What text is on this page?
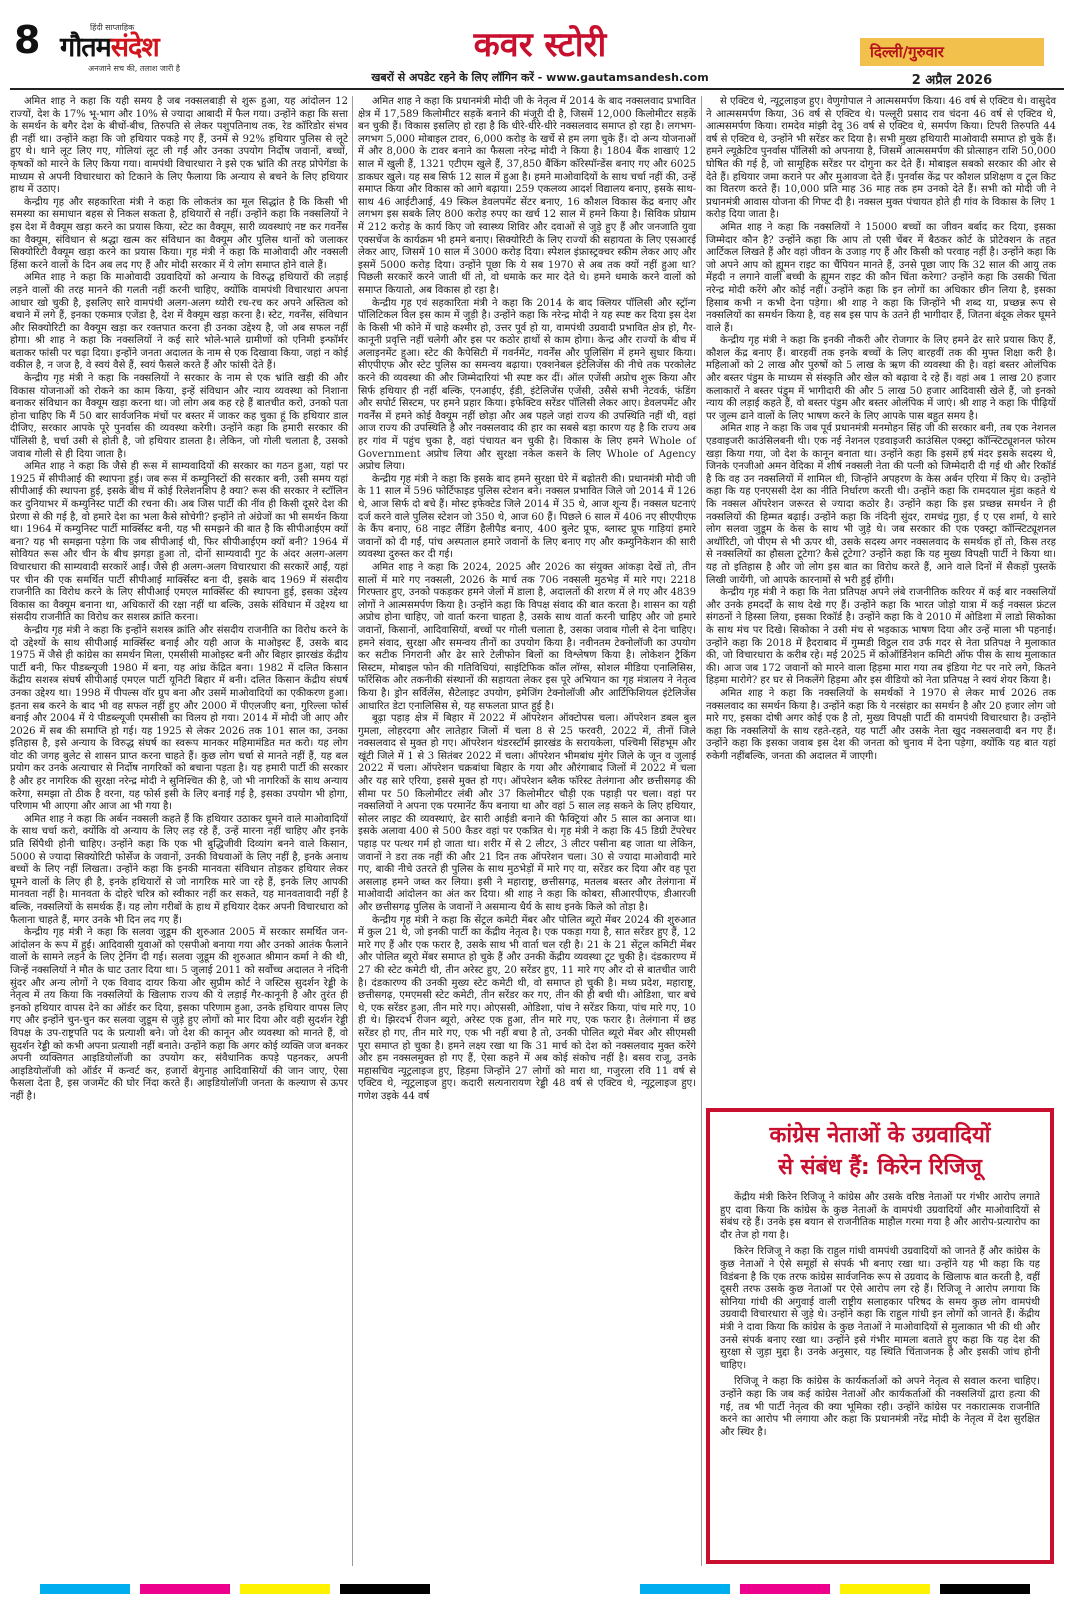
8	हिंदी साप्ताहिक
गौतमसंदेश
अनजाने सच की, तलाश जारी है
कवर स्टोरी
खबरों से अपडेट रहने के लिए लॉगिन करें - www.gautamsandesh.com
दिल्ली/गुरुवार
2 अप्रैल 2026

अमित शाह ने कहा कि यही समय है जब नक्सलबाड़ी से शुरू हुआ, यह आंदोलन 12 राज्यों, देश के 17% भू-भाग और 10% से ज्यादा आबादी में फैल गया। उन्होंने कहा कि सत्ता के समर्थन के बगैर देश के बीचों-बीच, तिरुपति से लेकर पशुपतिनाथ तक, रेड कॉरिडोर संभव ही नहीं था। उन्होंने कहा कि जो हथियार पकड़े गए हैं, उनमें से 92% हथियार पुलिस से लूटे हुए थे। थाने लूट लिए गए, गोलियां लूट ली गईं और उनका उपयोग निर्दोष जवानों, बच्चों, कृषकों को मारने के लिए किया गया। वामपंथी विचारधारा ने इसे एक भ्रांति की तरह प्रोपेगेंडा के माध्यम से अपनी विचारधारा को टिकाने के लिए फैलाया कि अन्याय से बचने के लिए हथियार हाथ में उठाए।

केन्द्रीय गृह और सहकारिता मंत्री ने कहा कि लोकतंत्र का मूल सिद्धांत है कि किसी भी समस्या का समाधान बहस से निकल सकता है, हथियारों से नहीं। उन्होंने कहा कि नक्सलियों ने इस देश में वैक्यूम खड़ा करने का प्रयास किया, स्टेट का वैक्यूम, सारी व्यवस्थाएं नष्ट कर गवर्नेंस का वैक्यूम, संविधान से श्रद्धा खत्म कर संविधान का वैक्यूम और पुलिस थानों को जलाकर सिक्योरिटी वैक्यूम खड़ा करने का प्रयास किया। गृह मंत्री ने कहा कि माओवादी और नक्सली हिंसा करने वालों के दिन अब लद गए हैं और मोदी सरकार में ये लोग समाप्त होने वाले हैं।

अमित शाह ने कहा कि माओवादी उग्रवादियों को अन्याय के विरुद्ध हथियारों की लड़ाई लड़ने वालों की तरह मानने की गलती नहीं करनी चाहिए, क्योंकि वामपंथी विचारधारा अपना आधार खो चुकी है, इसलिए सारे वामपंथी अलग-अलग थ्योरी रच-रच कर अपने अस्तित्व को बचाने में लगे हैं, इनका एकमात्र एजेंडा है, देश में वैक्यूम खड़ा करना है। स्टेट, गवर्नेंस, संविधान और सिक्योरिटी का वैक्यूम खड़ा कर रक्तपात करना ही उनका उद्देश्य है, जो अब सफल नहीं होगा। श्री शाह ने कहा कि नक्सलियों ने कई सारे भोले-भाले ग्रामीणों को एनिमी इन्फॉर्मर बताकर फांसी पर चढ़ा दिया। इन्होंने जनता अदालत के नाम से एक दिखावा किया, जहां न कोई वकील है, न जज है, वे स्वयं वैसे हैं, स्वयं फैसले करते हैं और फांसी देते हैं।

केन्द्रीय गृह मंत्री ने कहा कि नक्सलियों ने सरकार के नाम से एक भ्रांति खड़ी की और विकास योजनाओं को रोकने का काम किया, इन्हें संविधान और न्याय व्यवस्था को निशाना बनाकर संविधान का वैक्यूम खड़ा करना था। जो लोग अब कह रहे हैं बातचीत करो, उनको पता होना चाहिए कि मैं 50 बार सार्वजनिक मंचों पर बस्तर में जाकर कह चुका हूं कि हथियार डाल दीजिए, सरकार आपके पूरे पुनर्वास की व्यवस्था करेगी। उन्होंने कहा कि हमारी सरकार की पॉलिसी है, चर्चा उसी से होती है, जो हथियार डालता है। लेकिन, जो गोली चलाता है, उसको जवाब गोली से ही दिया जाता है।

अमित शाह ने कहा कि जैसे ही रूस में साम्यवादियों की सरकार का गठन हुआ, यहां पर 1925 में सीपीआई की स्थापना हुई। जब रूस में कम्युनिस्टों की सरकार बनी, उसी समय यहां सीपीआई की स्थापना हुई, इसके बीच में कोई रिलेशनशिप है क्या? रूस की सरकार ने स्टॉलिन कर दुनियाभर में कम्युनिस्ट पार्टी की रचना की। अब जिस पार्टी की नींव ही किसी दूसरे देश की प्रेरणा से की गई है, वो हमारे देश का भला कैसे सोचेगी? इन्होंने तो अंग्रेजों का भी समर्थन किया था। 1964 में कम्युनिस्ट पार्टी मार्क्सिस्ट बनी, यह भी समझने की बात है कि सीपीआईएम क्यों बना? यह भी समझना पड़ेगा कि जब सीपीआई थी, फिर सीपीआईएम क्यों बनी? 1964 में सोवियत रूस और चीन के बीच झगड़ा हुआ तो, दोनों साम्यवादी गुट के अंदर अलग-अलग विचारधारा की साम्यवादी सरकारें आईं। जैसे ही अलग-अलग विचारधारा की सरकारें आईं, यहां पर चीन की एक समर्थित पार्टी सीपीआई मार्क्सिस्ट बना दी, इसके बाद 1969 में संसदीय राजनीति का विरोध करने के लिए सीपीआई एमएल मार्क्सिस्ट की स्थापना हुई, इसका उद्देश्य विकास का वैक्यूम बनाना था, अधिकारों की रक्षा नहीं था बल्कि, उसके संविधान में उद्देश्य था संसदीय राजनीति का विरोध कर सशस्त्र क्रांति करना।

केन्द्रीय गृह मंत्री ने कहा कि इन्होंने सशस्त्र क्रांति और संसदीय राजनीति का विरोध करने के दो उद्देश्यों के साथ सीपीआई मार्क्सिस्ट बनाई और यही आज के माओइस्ट हैं, उसके बाद 1975 में जैसे ही कांग्रेस का समर्थन मिला, एमसीसी माओइस्ट बनी और बिहार झारखंड केंद्रीय पार्टी बनी, फिर पीडब्ल्यूजी 1980 में बना, यह आंध्र केंद्रित बना। 1982 में दलित किसान केंद्रीय सशस्त्र संघर्ष सीपीआई एमएल पार्टी यूनिटी बिहार में बनी। दलित किसान केंद्रीय संघर्ष उनका उद्देश्य था। 1998 में पीपल्स वॉर ग्रुप बना और उसमें माओवादियों का एकीकरण हुआ। इतना सब करने के बाद भी वह सफल नहीं हुए और 2000 में पीएलजीए बना, गुरिल्ला फोर्स बनाई और 2004 में ये पीडब्ल्यूजी एमसीसी का विलय हो गया। 2014 में मोदी जी आए और 2026 में सब की समाप्ति हो गई। यह 1925 से लेकर 2026 तक 101 साल का, उनका इतिहास है, इसे अन्याय के विरुद्ध संघर्ष का स्वरूप मानकर महिमामंडित मत करो। यह लोग वोट की जगह बुलेट से शासन प्राप्त करना चाहते हैं। कुछ लोग चर्चा से मानते नहीं हैं, यह बल प्रयोग कर उनके अत्याचार से निर्दोष नागरिकों को बचाना पड़ता है। यह हमारी पार्टी की सरकार है और हर नागरिक की सुरक्षा नरेन्द्र मोदी ने सुनिश्चित की है, जो भी नागरिकों के साथ अन्याय करेगा, समझा तो ठीक है वरना, यह फोर्स इसी के लिए बनाई गई है, इसका उपयोग भी होगा, परिणाम भी आएगा और आज आ भी गया है।

अमित शाह ने कहा कि अर्बन नक्सली कहते हैं कि हथियार उठाकर घूमने वाले माओवादियों के साथ चर्चा करो, क्योंकि वो अन्याय के लिए लड़ रहे हैं, उन्हें मारना नहीं चाहिए और इनके प्रति सिंपैथी होनी चाहिए। उन्होंने कहा कि एक भी बुद्धिजीवी दिव्यांग बनने वाले किसान, 5000 से ज्यादा सिक्योरिटी फोर्सेज के जवानों, उनकी विधवाओं के लिए नहीं है, इनके अनाथ बच्चों के लिए नहीं लिखता। उन्होंने कहा कि इनकी मानवता संविधान तोड़कर हथियार लेकर घूमने वालों के लिए ही है, इनके हथियारों से जो नागरिक मारे जा रहे हैं, इनके लिए आपकी मानवता नहीं है। मानवता के दोहरे चरित्र को स्वीकार नहीं कर सकते, यह मानवतावादी नहीं है बल्कि, नक्सलियों के समर्थक हैं। यह लोग गरीबों के हाथ में हथियार देकर अपनी विचारधारा को फैलाना चाहते हैं, मगर उनके भी दिन लद गए हैं।

केन्द्रीय गृह मंत्री ने कहा कि सलवा जुडूम की शुरुआत 2005 में सरकार समर्थित जन-आंदोलन के रूप में हुई। आदिवासी युवाओं को एसपीओ बनाया गया और उनको आतंक फैलाने वालों के सामने लड़ने के लिए ट्रेनिंग दी गई। सलवा जुडूम की शुरुआत श्रीमान कर्मा ने की थी, जिन्हें नक्सलियों ने मौत के घाट उतार दिया था। 5 जुलाई 2011 को सर्वोच्च अदालत ने नंदिनी सुंदर और अन्य लोगों ने एक विवाद दायर किया और सुप्रीम कोर्ट ने जस्टिस सुदर्शन रेड्डी के नेतृत्व में तय किया कि नक्सलियों के खिलाफ राज्य की ये लड़ाई गैर-कानूनी है और तुरंत ही इनको हथियार वापस देने का ऑर्डर कर दिया, इसका परिणाम हुआ, उनके हथियार वापस लिए गए और इन्होंने चुन-चुन कर सलवा जुडूम से जुड़े हुए लोगों को मार दिया और वही सुदर्शन रेड्डी विपक्ष के उप-राष्ट्रपति पद के प्रत्याशी बने। जो देश की कानून और व्यवस्था को मानते हैं, वो सुदर्शन रेड्डी को कभी अपना प्रत्याशी नहीं बनाते। उन्होंने कहा कि अगर कोई व्यक्ति जज बनकर अपनी व्यक्तिगत आइडियोलॉजी का उपयोग कर, संवैधानिक कपड़े पहनकर, अपनी आइडियोलॉजी को ऑर्डर में कन्वर्ट कर, हजारों बेगुनाह आदिवासियों की जान जाए, ऐसा फैसला देता है, इस जजमेंट की घोर निंदा करते हैं। आइडियोलॉजी जनता के कल्याण से ऊपर नहीं है।

अमित शाह ने कहा कि प्रधानमंत्री मोदी जी के नेतृत्व में 2014 के बाद नक्सलवाद प्रभावित क्षेत्र में 17,589 किलोमीटर सड़कें बनाने की मंजूरी दी है, जिसमें 12,000 किलोमीटर सड़कें बन चुकी हैं। विकास इसलिए हो रहा है कि धीरे-धीरे-धीरे नक्सलवाद समाप्त हो रहा है। लगभग-लगभग 5,000 मोबाइल टावर, 6,000 करोड़ के खर्चे से हम लगा चुके हैं। दो अन्य योजनाओं में और 8,000 के टावर बनाने का फैसला नरेन्द्र मोदी ने किया है। 1804 बैंक शाखाएं 12 साल में खुली हैं, 1321 एटीएम खुले हैं, 37,850 बैंकिंग कॉरेस्पॉन्डेंस बनाए गए और 6025 डाकघर खुले। यह सब सिर्फ 12 साल में हुआ है। हमने माओवादियों के साथ चर्चा नहीं की, उन्हें समाप्त किया और विकास को आगे बढ़ाया। 259 एकलव्य आदर्श विद्यालय बनाए, इसके साथ-साथ 46 आईटीआई, 49 स्किल डेवलपमेंट सेंटर बनाए, 16 कौशल विकास केंद्र बनाए और लगभग इस सबके लिए 800 करोड़ रुपए का खर्च 12 साल में हमने किया है। सिविक प्रोग्राम में 212 करोड़ के कार्य किए जो स्वास्थ्य शिविर और दवाओं से जुड़े हुए हैं और जनजाति युवा एक्सचेंज के कार्यक्रम भी हमने बनाए। सिक्योरिटी के लिए राज्यों की सहायता के लिए एसआरई लेकर आए, जिसमें 10 साल में 3000 करोड़ दिया। स्पेशल इंफ्रास्ट्रक्चर स्कीम लेकर आए और इसमें 5000 करोड़ दिया। उन्होंने पूछा कि ये सब 1970 से अब तक क्यों नहीं हुआ था? पिछली सरकारें करने जाती थीं तो, वो धमाके कर मार देते थे। हमने धमाके करने वालों को समाप्त कियातो, अब विकास हो रहा है।

केन्द्रीय गृह एवं सहकारिता मंत्री ने कहा कि 2014 के बाद क्लियर पॉलिसी और स्ट्रॉन्ग पॉलिटिकल विल इस काम में जुड़ी है। उन्होंने कहा कि नरेन्द्र मोदी ने यह स्पष्ट कर दिया इस देश के किसी भी कोने में चाहे कश्मीर हो, उत्तर पूर्व हो या, वामपंथी उग्रवादी प्रभावित क्षेत्र हो, गैर-कानूनी प्रवृत्ति नहीं चलेगी और इस पर कठोर हाथों से काम होगा। केन्द्र और राज्यों के बीच में अलाइनमेंट हुआ। स्टेट की कैपेसिटी में गवर्नमेंट, गवर्नेंस और पुलिसिंग में हमने सुधार किया। सीएपीएफ और स्टेट पुलिस का समन्वय बढ़ाया। एक्शनेबल इंटेलिजेंस की नीचे तक परकोलेट करने की व्यवस्था की और जिम्मेदारियां भी स्पष्ट कर दीं। ऑल एजेंसी अप्रोच शुरू किया और सिर्फ हथियार ही नहीं बल्कि, एनआईए, ईडी, इंटेलिजेंस एजेंसी, उसैसे सभी नेटवर्क, फंडिंग और सपोर्ट सिस्टम, पर हमने प्रहार किया। इफेक्टिव सरेंडर पॉलिसी लेकर आए। डेवलपमेंट और गवर्नेंस में हमने कोई वैक्यूम नहीं छोड़ा और अब पहले जहां राज्य की उपस्थिति नहीं थी, वहां आज राज्य की उपस्थिति है और नक्सलवाद की हार का सबसे बड़ा कारण यह है कि राज्य अब हर गांव में पहुंच चुका है, वहां पंचायत बन चुकी है। विकास के लिए हमने Whole of Government अप्रोच लिया और सुरक्षा नकेल कसने के लिए Whole of Agency अप्रोच लिया।

केन्द्रीय गृह मंत्री ने कहा कि इसके बाद हमने सुरक्षा घेरे में बढ़ोतरी की। प्रधानमंत्री मोदी जी के 11 साल में 596 फोर्टिफाइड पुलिस स्टेशन बने। नक्सल प्रभावित जिले जो 2014 में 126 थे, आज सिर्फ दो बचे हैं। मोस्ट इफेक्टेड जिले 2014 में 35 थे, आज शून्य हैं। नक्सल घटनाएं दर्ज करने वाले पुलिस स्टेशन जो 350 थे, आज 60 हैं। पिछले 6 साल में 406 नए सीएपीएफ के कैंप बनाए, 68 नाइट लैंडिंग हैलीपैड बनाए, 400 बुलेट प्रूफ, ब्लास्ट प्रूफ गाड़ियां हमारे जवानों को दी गईं, पांच अस्पताल हमारे जवानों के लिए बनाए गए और कम्युनिकेशन की सारी व्यवस्था दुरुस्त कर दी गई।

अमित शाह ने कहा कि 2024, 2025 और 2026 का संयुक्त आंकड़ा देखें तो, तीन सालों में मारे गए नक्सली, 2026 के मार्च तक 706 नक्सली मुठभेड़ में मारे गए। 2218 गिरफ्तार हुए, उनको पकड़कर हमने जेलों में डाला है, अदालतों की शरण में ले गए और 4839 लोगों ने आत्मसमर्पण किया है। उन्होंने कहा कि विपक्ष संवाद की बात करता है। शासन का यही अप्रोच होना चाहिए, जो वार्ता करना चाहता है, उसके साथ वार्ता करनी चाहिए और जो हमारे जवानों, किसानों, आदिवासियों, बच्चों पर गोली चलाता है, उसका जवाब गोली से देना चाहिए। हमने संवाद, सुरक्षा और समन्वय तीनों का उपयोग किया है। नवीनतम टेक्नोलॉजी का उपयोग कर सटीक निगरानी और ढेर सारे टेलीफोन बिलों का विश्लेषण किया है। लोकेशन ट्रैकिंग सिस्टम, मोबाइल फोन की गतिविधियां, साइंटिफिक कॉल लॉग्स, सोशल मीडिया एनालिसिस, फॉरेंसिक और तकनीकी संस्थानों की सहायता लेकर इस पूरे अभियान का गृह मंत्रालय ने नेतृत्व किया है। ड्रोन सर्विलेंस, सैटेलाइट उपयोग, इमेजिंग टेक्नोलॉजी और आर्टिफिशियल इंटेलिजेंस आधारित डेटा एनालिसिस से, यह सफलता प्राप्त हुई है।

बूढ़ा पहाड़ क्षेत्र में बिहार में 2022 में ऑपरेशन ऑक्टोपस चला। ऑपरेशन डबल बुल गुमला, लोहरदगा और लातेहार जिलों में चला 8 से 25 फरवरी, 2022 में, तीनों जिले नक्सलवाद से मुक्त हो गए। ऑपरेशन थंडरस्टॉर्म झारखंड के सरायकेला, पश्चिमी सिंहभूम और खूंटी जिले में 1 से 3 सितंबर 2022 में चला। ऑपरेशन भीमबांध मुंगेर जिले के जून व जुलाई 2022 में चला। ऑपरेशन चक्रबांधा बिहार के गया और औरंगाबाद जिलों में 2022 में चला और यह सारे एरिया, इससे मुक्त हो गए। ऑपरेशन ब्लैक फॉरेस्ट तेलंगाना और छत्तीसगढ़ की सीमा पर 50 किलोमीटर लंबी और 37 किलोमीटर चौड़ी एक पहाड़ी पर चला। वहां पर नक्सलियों ने अपना एक परमानेंट कैंप बनाया था और वहां 5 साल लड़ सकने के लिए हथियार, सोलर लाइट की व्यवस्थाएं, ढेर सारी आईडी बनाने की फैक्ट्रियां और 5 साल का अनाज था। इसके अलावा 400 से 500 कैडर वहां पर एकत्रित थे। गृह मंत्री ने कहा कि 45 डिग्री टेंपरेचर पहाड़ पर पत्थर गर्म हो जाता था। शरीर में से 2 लीटर, 3 लीटर पसीना बह जाता था लेकिन, जवानों ने डरा तक नहीं की और 21 दिन तक ऑपरेशन चला। 30 से ज्यादा माओवादी मारे गए, बाकी नीचे उतरते ही पुलिस के साथ मुठभेड़ों में मारे गए या, सरेंडर कर दिया और वह पूरा असलाह हमने जब्त कर लिया। इसी ने महाराष्ट्र, छत्तीसगढ़, मतलब बस्तर और तेलंगाना में माओवादी आंदोलन का अंत कर दिया। श्री शाह ने कहा कि कोबरा, सीआरपीएफ, डीआरजी और छत्तीसगढ़ पुलिस के जवानों ने असमान्य धैर्य के साथ इनके किले को तोड़ा है।

केन्द्रीय गृह मंत्री ने कहा कि सेंट्रल कमेटी मेंबर और पोलित ब्यूरो मेंबर 2024 की शुरुआत में कुल 21 थे, जो इनकी पार्टी का केंद्रीय नेतृत्व है। एक पकड़ा गया है, सात सरेंडर हुए हैं, 12 मारे गए हैं और एक फरार है, उसके साथ भी वार्ता चल रही है। 21 के 21 सेंट्रल कमिटी मेंबर और पोलित ब्यूरो मेंबर समाप्त हो चुके हैं और उनकी केंद्रीय व्यवस्था टूट चुकी है। दंडकारण्य में 27 की स्टेट कमेटी थी, तीन अरेस्ट हुए, 20 सरेंडर हुए, 11 मारे गए और दो से बातचीत जारी है। दंडकारण्य की उनकी मुख्य स्टेट कमेटी थी, वो समाप्त हो चुकी है। मध्य प्रदेश, महाराष्ट्र, छत्तीसगढ़, एमएमसी स्टेट कमेटी, तीन सरेंडर कर गए, तीन की ही बची थी। ओडिशा, चार बचे थे, एक सरेंडर हुआ, तीन मारे गए। ओएससी, ओडिशा, पांच ने सरेंडर किया, पांच मारे गए, 10 ही थे। झिरदर्भ रीजन ब्यूरो, अरेस्ट एक हुआ, तीन मारे गए, एक फरार है। तेलंगाना में छह सरेंडर हो गए, तीन मारे गए, एक भी नहीं बचा है तो, उनकी पोलित ब्यूरो मेंबर और सीएमसी पूरा समाप्त हो चुका है। हमने लक्ष्य रखा था कि 31 मार्च को देश को नक्सलवाद मुक्त करेंगे और हम नक्सलमुक्त हो गए हैं, ऐसा कहने में अब कोई संकोच नहीं है। बसव राजू, उनके महासचिव न्यूट्रलाइज हुए, हिड़मा जिन्होंने 27 लोगों को मारा था, गजुरला रवि 11 वर्ष से एक्टिव थे, न्यूट्रलाइज हुए। कदारी सत्यनारायण रेड्डी 48 वर्ष से एक्टिव थे, न्यूट्रलाइज हुए। गणेश उइके 44 वर्ष

से एक्टिव थे, न्यूट्रलाइज हुए। वेणुगोपाल ने आत्मसमर्पण किया। 46 वर्ष से एक्टिव थे। वासुदेव ने आत्मसमर्पण किया, 36 वर्ष से एक्टिव थे। पल्लूरी प्रसाद राव चंदना 46 वर्ष से एक्टिव थे, आत्मसमर्पण किया। रामदेव मांझी देवू 36 वर्ष से एक्टिव थे, समर्पण किया। टिपरी तिरुपति 44 वर्ष से एक्टिव थे, उन्होंने भी सरेंडर कर दिया है। सभी मुख्य हथियारी माओवादी समाप्त हो चुके हैं। हमने ल्यूक्रेटिव पुनर्वास पॉलिसी को अपनाया है, जिसमें आत्मसमर्पण की प्रोत्साहन राशि 50,000 घोषित की गई है, जो सामूहिक सरेंडर पर दोगुना कर देते हैं। मोबाइल सबको सरकार की ओर से देते हैं। हथियार जमा कराने पर और मुआवजा देते हैं। पुनर्वास केंद्र पर कौशल प्रशिक्षण व टूल किट का वितरण करते हैं। 10,000 प्रति माह 36 माह तक हम उनको देते हैं। सभी को मोदी जी ने प्रधानमंत्री आवास योजना की गिफ्ट दी है। नक्सल मुक्त पंचायत होते ही गांव के विकास के लिए 1 करोड़ दिया जाता है।

अमित शाह ने कहा कि नक्सलियों ने 15000 बच्चों का जीवन बर्बाद कर दिया, इसका जिम्मेदार कौन है? उन्होंने कहा कि आप तो एसी चेंबर में बैठकर कोर्ट के प्रोटेक्शन के तहत आर्टिकल लिखते हैं और वहां जीवन के उजाड़ गए हैं और किसी को परवाह नहीं है। उन्होंने कहा कि जो अपने आप को ह्यूमन राइट का चैंपियन मानते हैं, उनसे पूछा जाए कि 32 साल की आयु तक मेंहदी न लगाने वाली बच्ची के ह्यूमन राइट की कौन चिंता करेगा? उन्होंने कहा कि उसकी चिंता नरेन्द्र मोदी करेंगे और कोई नहीं। उन्होंने कहा कि इन लोगों का अधिकार छीन लिया है, इसका हिसाब कभी न कभी देना पड़ेगा। श्री शाह ने कहा कि जिन्होंने भी शब्द या, प्रच्छन्न रूप से नक्सलियों का समर्थन किया है, वह सब इस पाप के उतने ही भागीदार हैं, जितना बंदूक लेकर घूमने वाले हैं।

केन्द्रीय गृह मंत्री ने कहा कि इनकी नौकरी और रोजगार के लिए हमने ढेर सारे प्रयास किए हैं, कौशल केंद्र बनाए हैं। बारहवीं तक इनके बच्चों के लिए बारहवीं तक की मुफ्त शिक्षा करी है। महिलाओं को 2 लाख और पुरुषों को 5 लाख के ऋण की व्यवस्था की है। वहां बस्तर ओलंपिक और बस्तर पंडुम के माध्यम से संस्कृति और खेल को बढ़ावा दे रहे हैं। वहां अब 1 लाख 20 हजार कलाकारों ने बस्तर पंडुम में भागीदारी की और 5 लाख 50 हजार आदिवासी खेले हैं, जो इनको न्याय की लड़ाई कहते हैं, वो बस्तर पंडुम और बस्तर ओलंपिक में जाएं। श्री शाह ने कहा कि पीढ़ियों पर जुल्म ढाने वालों के लिए भाषण करने के लिए आपके पास बहुत समय है।

अमित शाह ने कहा कि जब पूर्व प्रधानमंत्री मनमोहन सिंह जी की सरकार बनी, तब एक नेशनल एडवाइजरी काउंसिलबनी थी। एक नई नेशनल एडवाइजरी काउंसिल एक्स्ट्रा कॉन्स्टिट्यूशनल फोरम खड़ा किया गया, जो देश के कानून बनाता था। उन्होंने कहा कि इसमें हर्ष मंदर इसके सदस्य थे, जिनके एनजीओ अमन वेदिका में शीर्ष नक्सली नेता की पत्नी को जिम्मेदारी दी गई थी और रिकॉर्ड है कि वह उन नक्सलियों में शामिल थी, जिन्होंने अपहरण के केस अर्बन एरिया में किए थे। उन्होंने कहा कि यह एनएससी देश का नीति निर्धारण करती थी। उन्होंने कहा कि रामदयाल मुंडा कहते थे कि नक्सल ऑपरेशन जरूरत से ज्यादा कठोर है। उन्होंने कहा कि इस प्रच्छन्न समर्थन ने ही नक्सलियों की हिम्मत बढ़ाई। उन्होंने कहा कि नंदिनी सुंदर, रामचंद्र गुहा, ई ए एस शर्मा, ये सारे लोग सलवा जुडूम के केस के साथ भी जुड़े थे। जब सरकार की एक एक्स्ट्रा कॉन्स्टिट्यूशनल अथॉरिटी, जो पीएम से भी ऊपर थी, उसके सदस्य अगर नक्सलवाद के समर्थक हों तो, किस तरह से नक्सलियों का हौसला टूटेगा? कैसे टूटेगा? उन्होंने कहा कि यह मुख्य विपक्षी पार्टी ने किया था। यह तो इतिहास है और जो लोग इस बात का विरोध करते हैं, आने वाले दिनों में सैकड़ों पुस्तकें लिखी जायेंगी, जो आपके कारनामों से भरी हुई होंगी।

केन्द्रीय गृह मंत्री ने कहा कि नेता प्रतिपक्ष अपने लंबे राजनीतिक करियर में कई बार नक्सलियों और उनके हमदर्दों के साथ देखे गए हैं। उन्होंने कहा कि भारत जोड़ो यात्रा में कई नक्सल फ्रंटल संगठनों ने हिस्सा लिया, इसका रिकॉर्ड है। उन्होंने कहा कि वे 2010 में ओडिशा में लाडो सिकोका के साथ मंच पर दिखे। सिकोका ने उसी मंच से भड़काऊ भाषण दिया और उन्हें माला भी पहनाई। उन्होंने कहा कि 2018 में हैदराबाद में गुम्मडी विट्ठल राव उर्फ गदर से नेता प्रतिपक्ष ने मुलाकात की, जो विचारधारा के करीब रहे। मई 2025 में कोऑर्डिनेशन कमिटी ऑफ पीस के साथ मुलाकात की। आज जब 172 जवानों को मारने वाला हिड़मा मारा गया तब इंडिया गेट पर नारे लगे, कितने हिड़मा मारोगे? हर घर से निकलेंगे हिड़मा और इस वीडियो को नेता प्रतिपक्ष ने स्वयं शेयर किया है।

अमित शाह ने कहा कि नक्सलियों के समर्थकों ने 1970 से लेकर मार्च 2026 तक नक्सलवाद का समर्थन किया है। उन्होंने कहा कि ये नरसंहार का समर्थन है और 20 हजार लोग जो मारे गए, इसका दोषी अगर कोई एक है तो, मुख्य विपक्षी पार्टी की वामपंथी विचारधारा है। उन्होंने कहा कि नक्सलियों के साथ रहते-रहते, यह पार्टी और उसके नेता खुद नक्सलवादी बन गए हैं। उन्होंने कहा कि इसका जवाब इस देश की जनता को चुनाव में देना पड़ेगा, क्योंकि यह बात यहां रुकेगी नहींबल्कि, जनता की अदालत में जाएगी।

कांग्रेस नेताओं के उग्रवादियों
से संबंध हैं: किरेन रिजिजू

केंद्रीय मंत्री किरेन रिजिजू ने कांग्रेस और उसके वरिष्ठ नेताओं पर गंभीर आरोप लगाते हुए दावा किया कि कांग्रेस के कुछ नेताओं के वामपंथी उग्रवादियों और माओवादियों से संबंध रहे हैं। उनके इस बयान से राजनीतिक माहौल गरमा गया है और आरोप-प्रत्यारोप का दौर तेज हो गया है।

किरेन रिजिजू ने कहा कि राहुल गांधी वामपंथी उग्रवादियों को जानते हैं और कांग्रेस के कुछ नेताओं ने ऐसे समूहों से संपर्क भी बनाए रखा था। उन्होंने यह भी कहा कि यह विडंबना है कि एक तरफ कांग्रेस सार्वजनिक रूप से उग्रवाद के खिलाफ बात करती है, वहीं दूसरी तरफ उसके कुछ नेताओं पर ऐसे आरोप लग रहे हैं। रिजिजू ने आरोप लगाया कि सोनिया गांधी की अगुवाई वाली राष्ट्रीय सलाहकार परिषद के समय कुछ लोग वामपंथी उग्रवादी विचारधारा से जुड़े थे। उन्होंने कहा कि राहुल गांधी इन लोगों को जानते हैं। केंद्रीय मंत्री ने दावा किया कि कांग्रेस के कुछ नेताओं ने माओवादियों से मुलाकात भी की थी और उनसे संपर्क बनाए रखा था। उन्होंने इसे गंभीर मामला बताते हुए कहा कि यह देश की सुरक्षा से जुड़ा मुद्दा है। उनके अनुसार, यह स्थिति चिंताजनक है और इसकी जांच होनी चाहिए।

रिजिजू ने कहा कि कांग्रेस के कार्यकर्ताओं को अपने नेतृत्व से सवाल करना चाहिए। उन्होंने कहा कि जब कई कांग्रेस नेताओं और कार्यकर्ताओं की नक्सलियों द्वारा हत्या की गई, तब भी पार्टी नेतृत्व की क्या भूमिका रही। उन्होंने कांग्रेस पर नकारात्मक राजनीति करने का आरोप भी लगाया और कहा कि प्रधानमंत्री नरेंद्र मोदी के नेतृत्व में देश सुरक्षित और स्थिर है।
